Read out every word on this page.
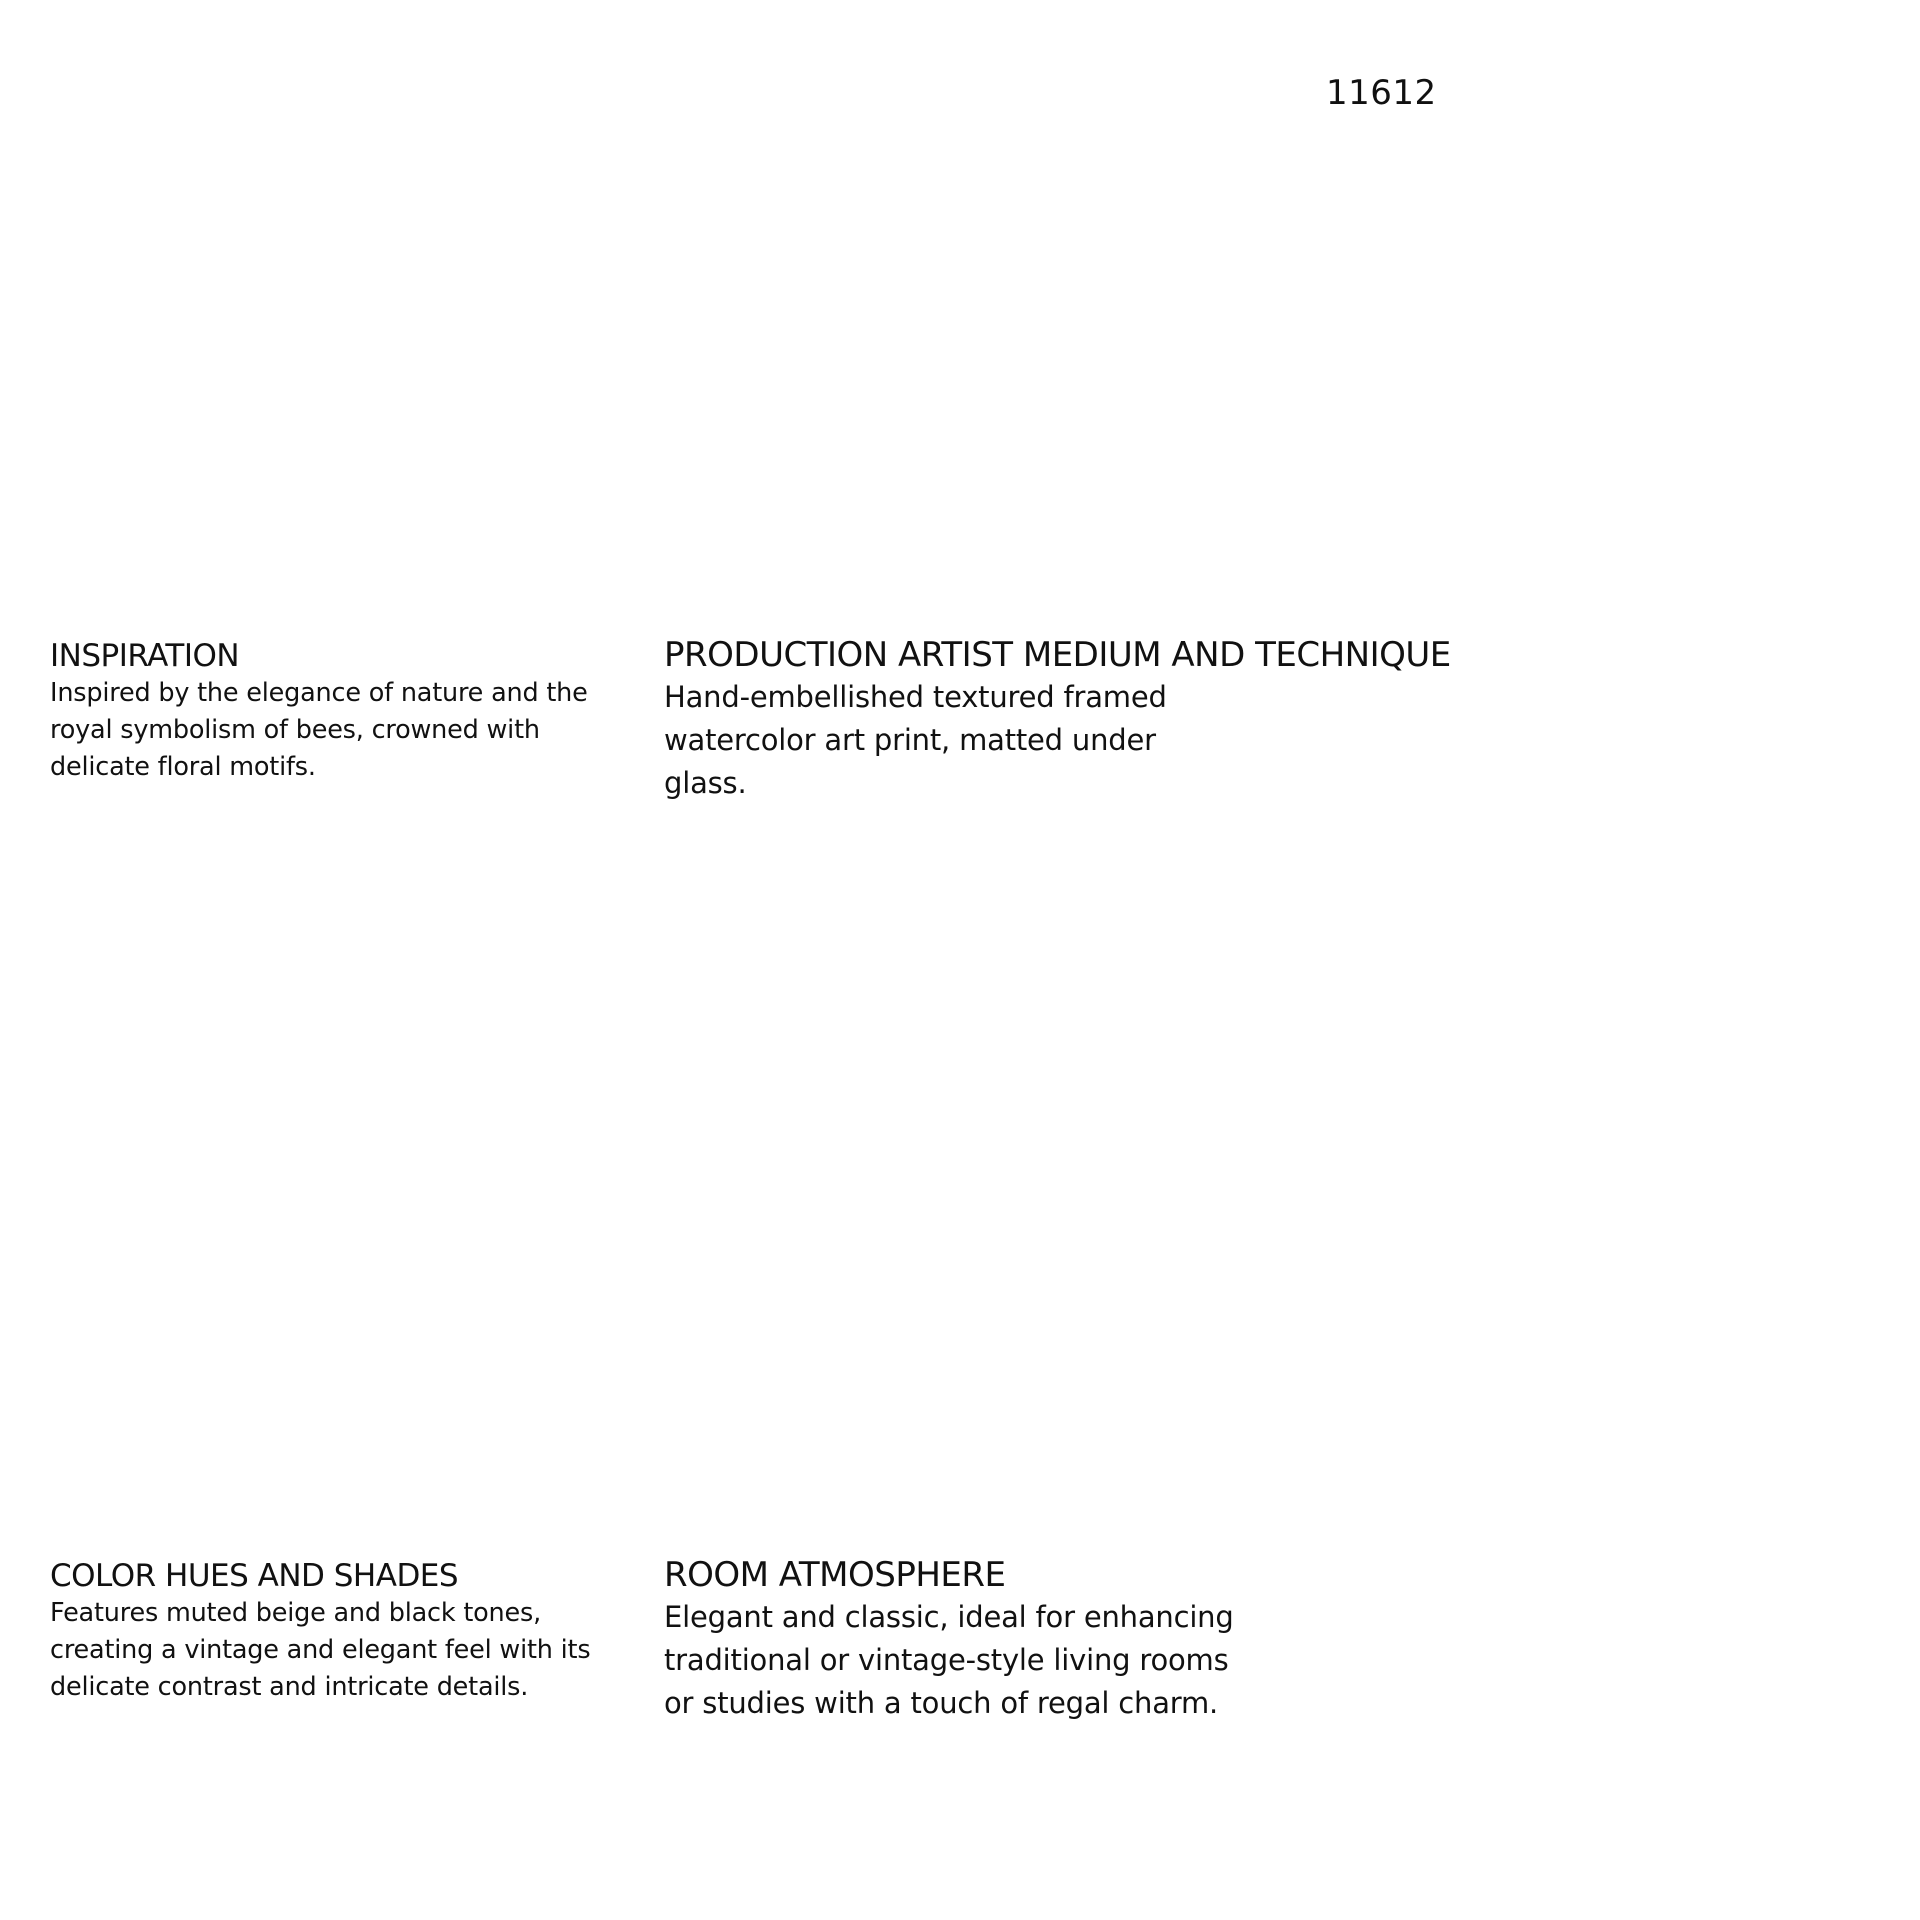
11612
INSPIRATION

Inspired by the elegance of nature and the royal symbolism of bees, crowned with delicate floral motifs.

PRODUCTION ARTIST MEDIUM AND TECHNIQUE

Hand-embellished textured framed watercolor art print, matted under glass.

COLOR HUES AND SHADES

Features muted beige and black tones, creating a vintage and elegant feel with its delicate contrast and intricate details.

ROOM ATMOSPHERE

Elegant and classic, ideal for enhancing traditional or vintage-style living rooms or studies with a touch of regal charm.
